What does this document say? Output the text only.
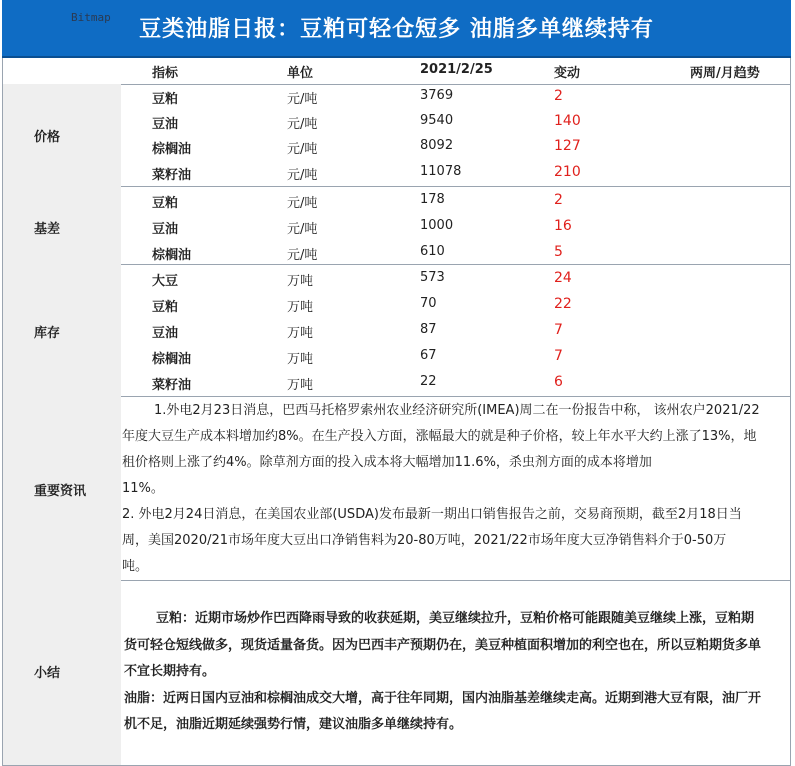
Bitmap	豆类油脂日报：豆粕可轻仓短多 油脂多单继续持有
指标	单位	2021/2/25	变动	两周/月趋势
价格
豆粕	元/吨	3769	2
豆油	元/吨	9540	140
棕榈油	元/吨	8092	127
菜籽油	元/吨	11078	210
基差
豆粕	元/吨	178	2
豆油	元/吨	1000	16
棕榈油	元/吨	610	5
库存
大豆	万吨	573	24
豆粕	万吨	70	22
豆油	万吨	87	7
棕榈油	万吨	67	7
菜籽油	万吨	22	6
重要资讯

1.外电2月23日消息，巴西马托格罗索州农业经济研究所(IMEA)周二在一份报告中称， 该州农户2021/22

年度大豆生产成本料增加约8%。在生产投入方面，涨幅最大的就是种子价格，较上年水平大约上涨了13%，地

租价格则上涨了约4%。除草剂方面的投入成本将大幅增加11.6%，杀虫剂方面的成本将增加

11%。

2. 外电2月24日消息，在美国农业部(USDA)发布最新一期出口销售报告之前，交易商预期，截至2月18日当

周，美国2020/21市场年度大豆出口净销售料为20-80万吨，2021/22市场年度大豆净销售料介于0-50万

吨。

小结

豆粕：近期市场炒作巴西降雨导致的收获延期，美豆继续拉升，豆粕价格可能跟随美豆继续上涨，豆粕期

货可轻仓短线做多，现货适量备货。因为巴西丰产预期仍在，美豆种植面积增加的利空也在，所以豆粕期货多单

不宜长期持有。

油脂：近两日国内豆油和棕榈油成交大增，高于往年同期，国内油脂基差继续走高。近期到港大豆有限，油厂开

机不足，油脂近期延续强势行情，建议油脂多单继续持有。
